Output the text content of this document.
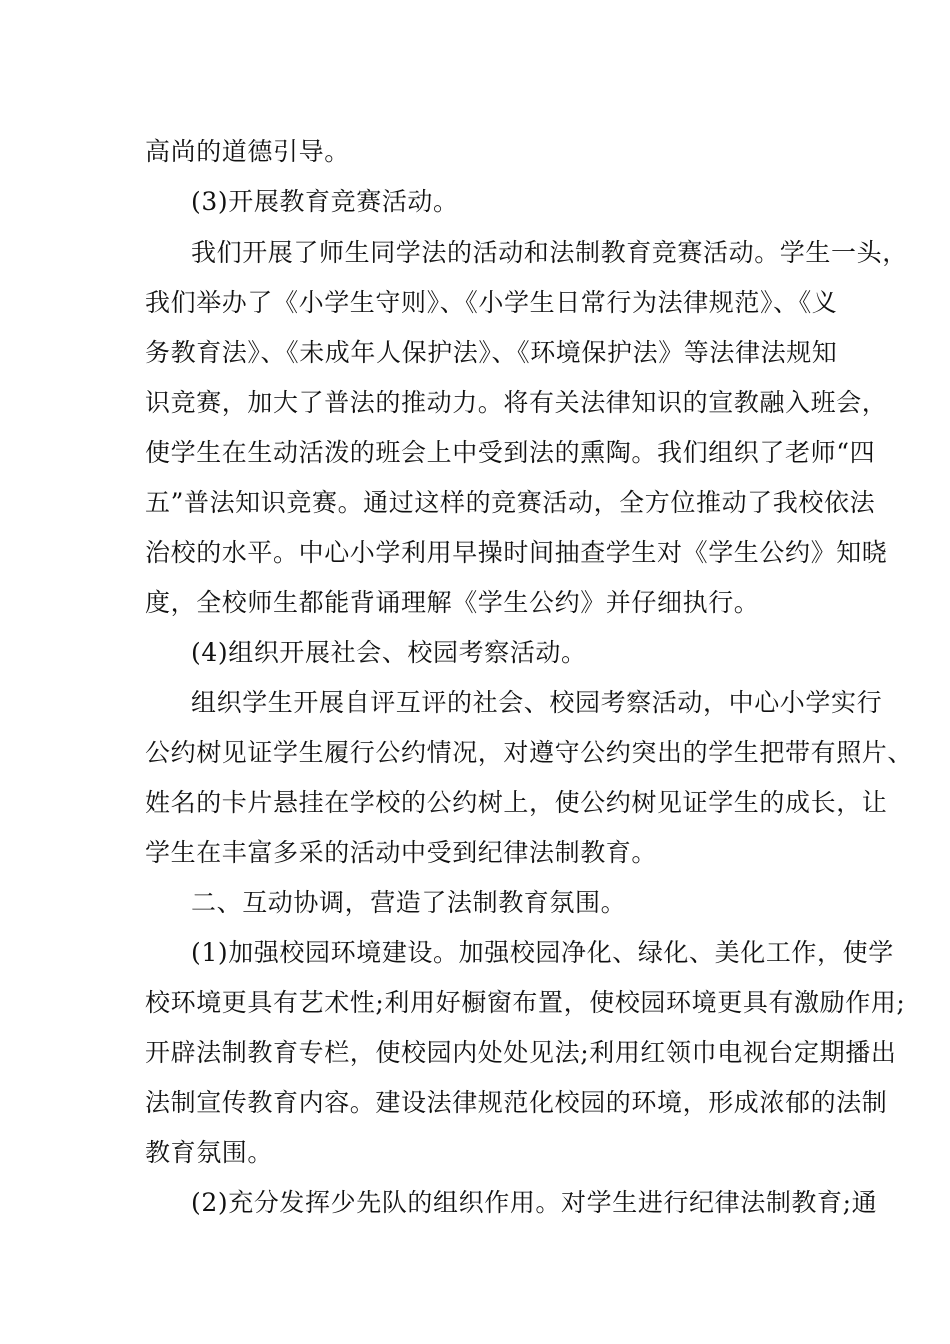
高尚的道德引导。
(3)开展教育竞赛活动。
我们开展了师生同学法的活动和法制教育竞赛活动。学生一头，
我们举办了《小学生守则》、《小学生日常行为法律规范》、《义
务教育法》、《未成年人保护法》、《环境保护法》等法律法规知
识竞赛，加大了普法的推动力。将有关法律知识的宣教融入班会，
使学生在生动活泼的班会上中受到法的熏陶。我们组织了老师“四
五”普法知识竞赛。通过这样的竞赛活动，全方位推动了我校依法
治校的水平。中心小学利用早操时间抽查学生对《学生公约》知晓
度，全校师生都能背诵理解《学生公约》并仔细执行。
(4)组织开展社会、校园考察活动。
组织学生开展自评互评的社会、校园考察活动，中心小学实行
公约树见证学生履行公约情况，对遵守公约突出的学生把带有照片、
姓名的卡片悬挂在学校的公约树上，使公约树见证学生的成长，让
学生在丰富多采的活动中受到纪律法制教育。
二、互动协调，营造了法制教育氛围。
(1)加强校园环境建设。加强校园净化、绿化、美化工作，使学
校环境更具有艺术性;利用好橱窗布置，使校园环境更具有激励作用;
开辟法制教育专栏，使校园内处处见法;利用红领巾电视台定期播出
法制宣传教育内容。建设法律规范化校园的环境，形成浓郁的法制
教育氛围。
(2)充分发挥少先队的组织作用。对学生进行纪律法制教育;通
